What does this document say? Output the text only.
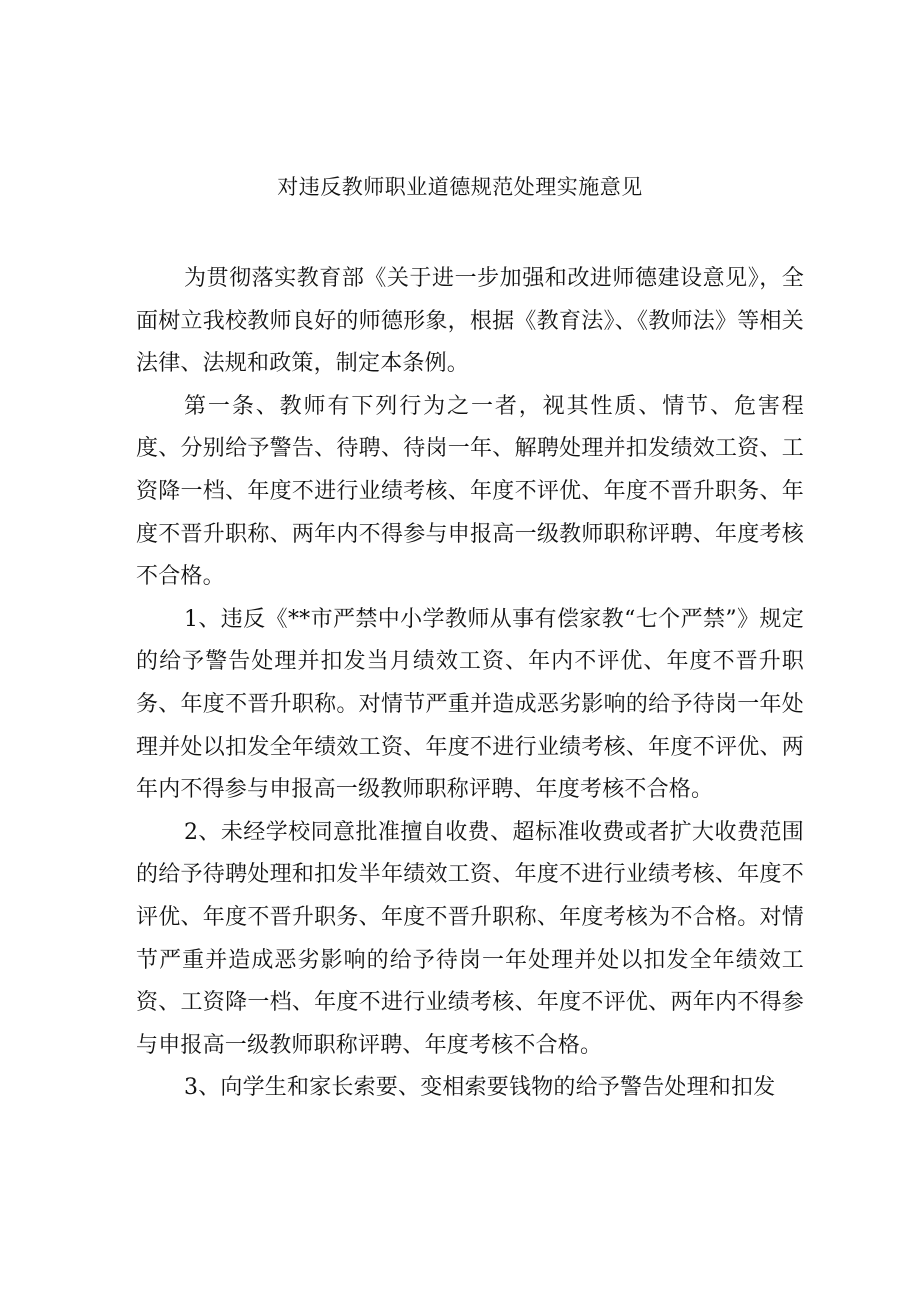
对违反教师职业道德规范处理实施意见

为贯彻落实教育部《关于进一步加强和改进师德建设意见》，全面树立我校教师良好的师德形象，根据《教育法》、《教师法》等相关法律、法规和政策，制定本条例。

第一条、教师有下列行为之一者，视其性质、情节、危害程度、分别给予警告、待聘、待岗一年、解聘处理并扣发绩效工资、工资降一档、年度不进行业绩考核、年度不评优、年度不晋升职务、年度不晋升职称、两年内不得参与申报高一级教师职称评聘、年度考核不合格。

1、违反《**市严禁中小学教师从事有偿家教“七个严禁”》规定的给予警告处理并扣发当月绩效工资、年内不评优、年度不晋升职务、年度不晋升职称。对情节严重并造成恶劣影响的给予待岗一年处理并处以扣发全年绩效工资、年度不进行业绩考核、年度不评优、两年内不得参与申报高一级教师职称评聘、年度考核不合格。

2、未经学校同意批准擅自收费、超标准收费或者扩大收费范围的给予待聘处理和扣发半年绩效工资、年度不进行业绩考核、年度不评优、年度不晋升职务、年度不晋升职称、年度考核为不合格。对情节严重并造成恶劣影响的给予待岗一年处理并处以扣发全年绩效工资、工资降一档、年度不进行业绩考核、年度不评优、两年内不得参与申报高一级教师职称评聘、年度考核不合格。

3、向学生和家长索要、变相索要钱物的给予警告处理和扣发
